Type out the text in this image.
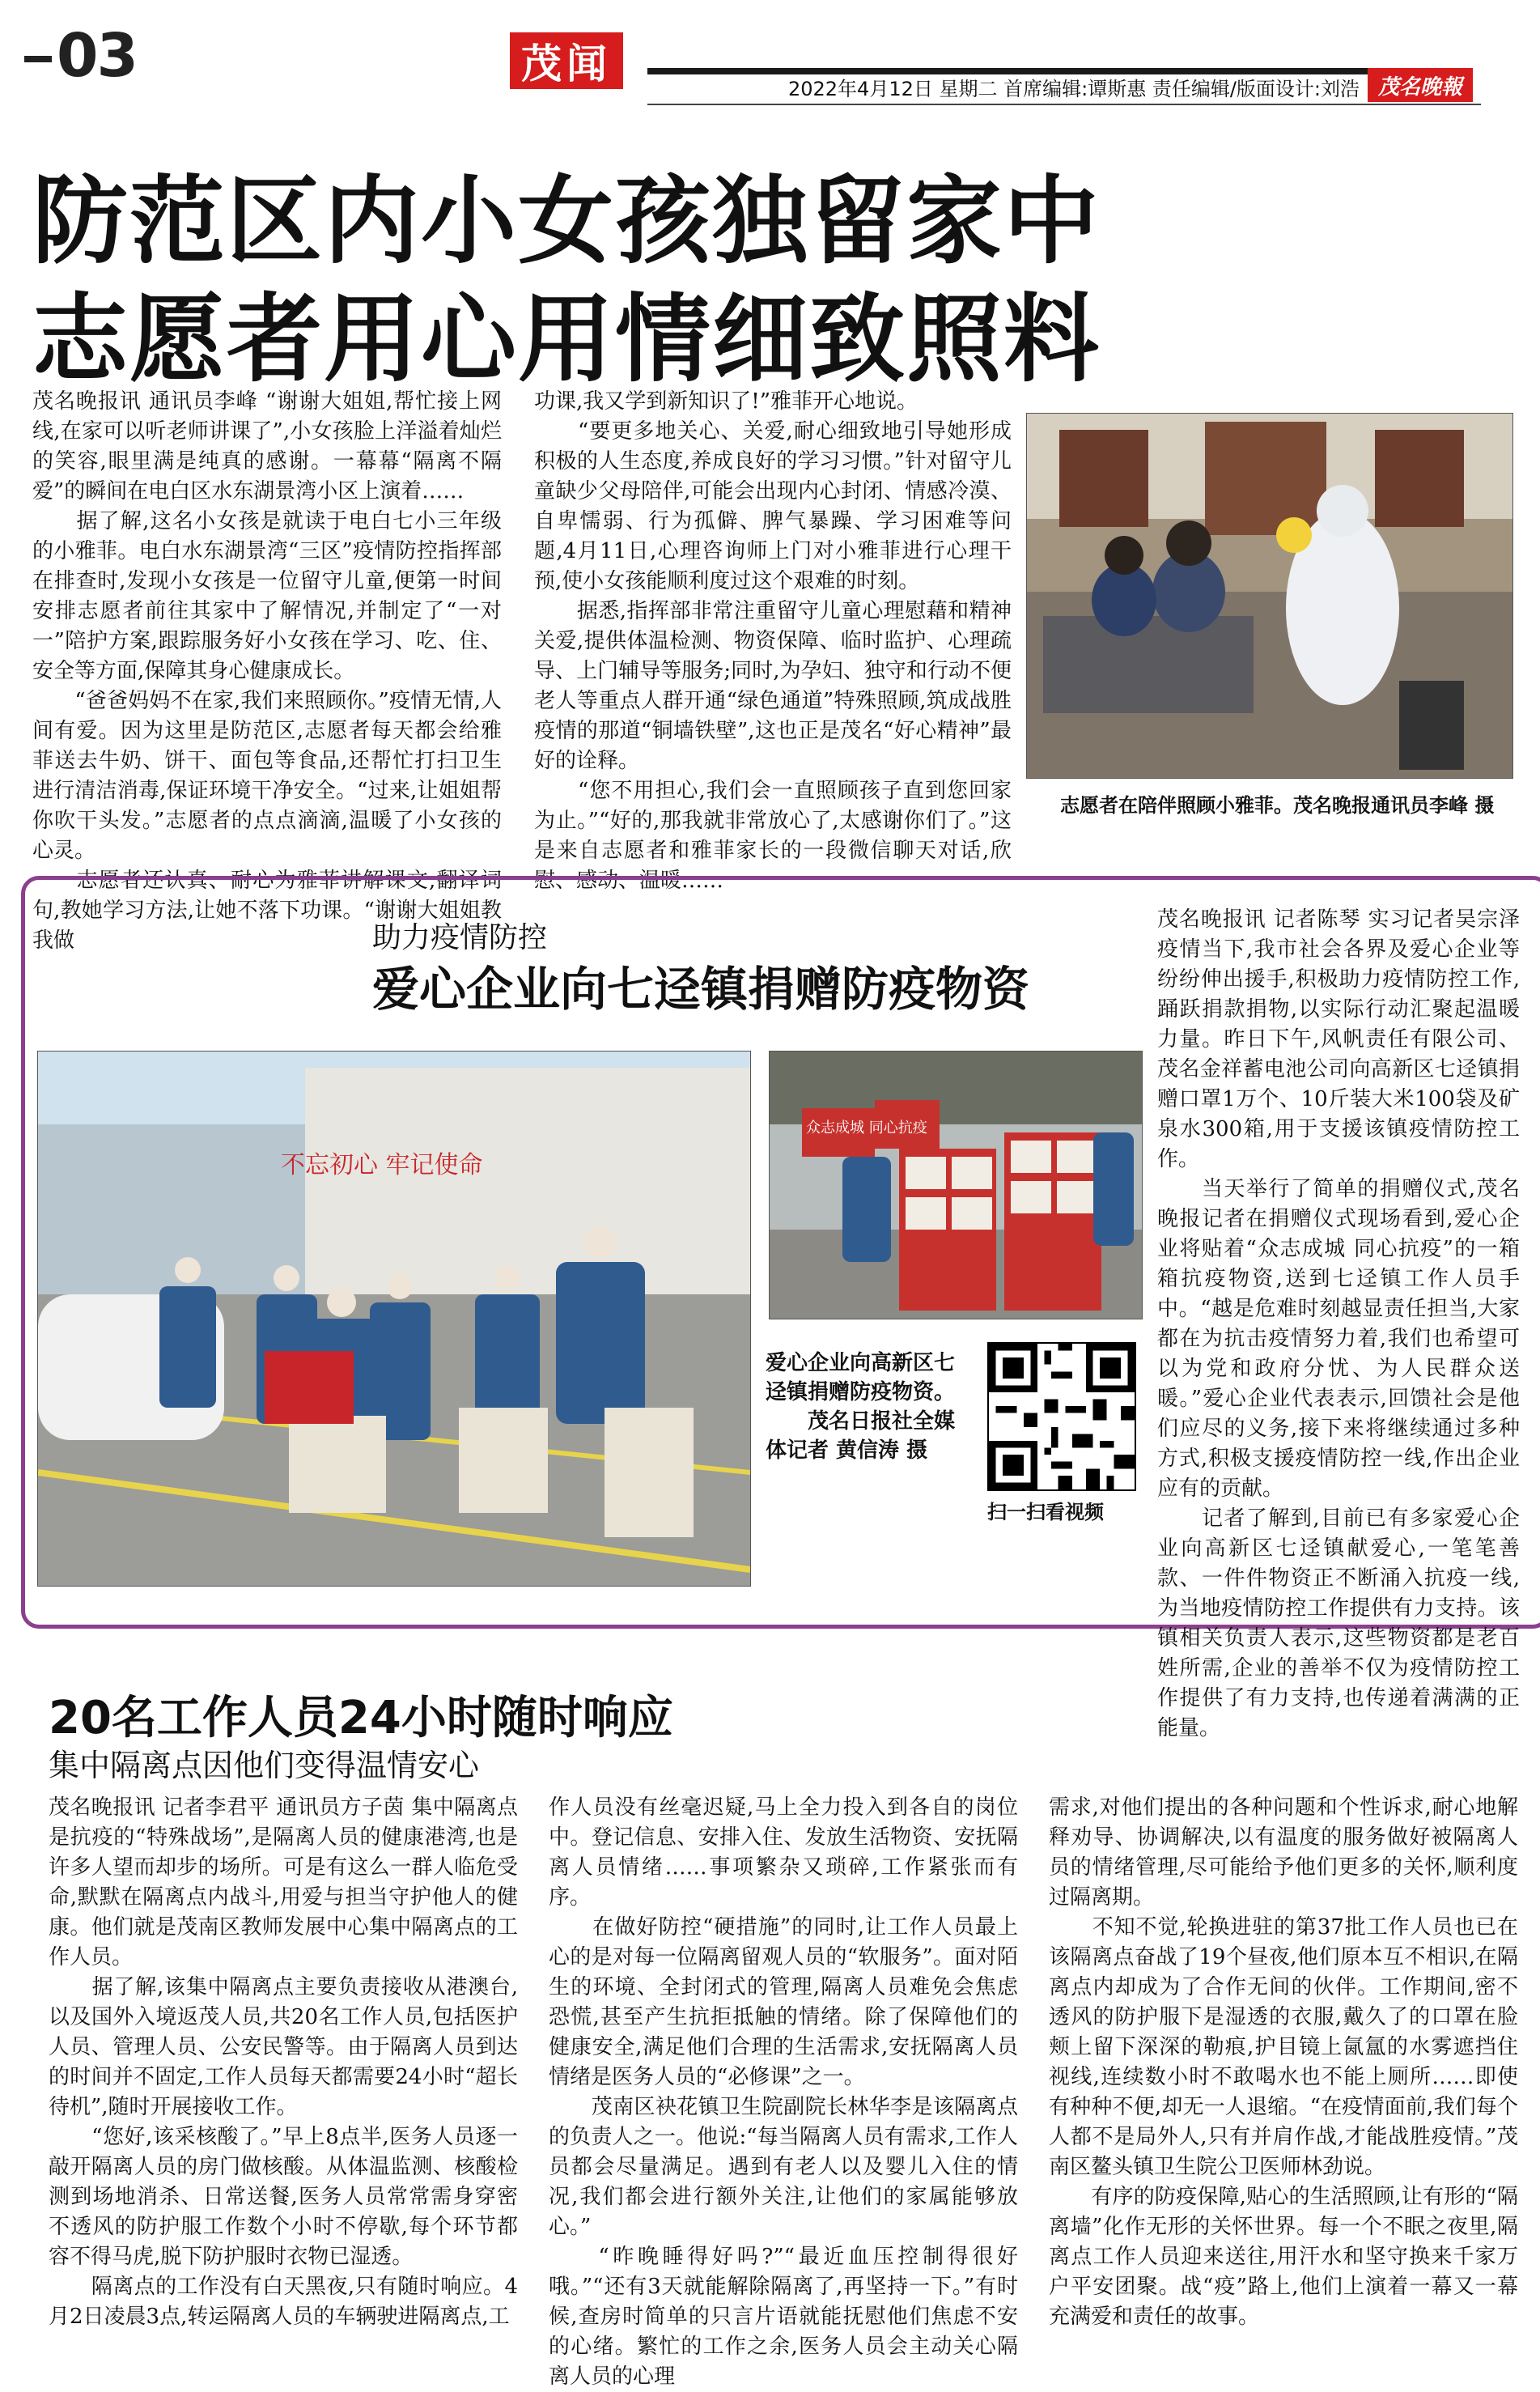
03	茂闻
2022年4月12日 星期二 首席编辑:谭斯惠 责任编辑/版面设计:刘浩 茂名晚報
防范区内小女孩独留家中
志愿者用心用情细致照料
茂名晚报讯 通讯员李峰 “谢谢大姐姐,帮忙接上网线,在家可以听老师讲课了”,小女孩脸上洋溢着灿烂的笑容,眼里满是纯真的感谢。一幕幕“隔离不隔爱”的瞬间在电白区水东湖景湾小区上演着……
　　据了解,这名小女孩是就读于电白七小三年级的小雅菲。电白水东湖景湾“三区”疫情防控指挥部在排查时,发现小女孩是一位留守儿童,便第一时间安排志愿者前往其家中了解情况,并制定了“一对一”陪护方案,跟踪服务好小女孩在学习、吃、住、安全等方面,保障其身心健康成长。
　　“爸爸妈妈不在家,我们来照顾你。”疫情无情,人间有爱。因为这里是防范区,志愿者每天都会给雅菲送去牛奶、饼干、面包等食品,还帮忙打扫卫生进行清洁消毒,保证环境干净安全。“过来,让姐姐帮你吹干头发。”志愿者的点点滴滴,温暖了小女孩的心灵。
　　志愿者还认真、耐心为雅菲讲解课文,翻译词句,教她学习方法,让她不落下功课。“谢谢大姐姐教我做
功课,我又学到新知识了!”雅菲开心地说。
　　“要更多地关心、关爱,耐心细致地引导她形成积极的人生态度,养成良好的学习习惯。”针对留守儿童缺少父母陪伴,可能会出现内心封闭、情感冷漠、自卑懦弱、行为孤僻、脾气暴躁、学习困难等问题,4月11日,心理咨询师上门对小雅菲进行心理干预,使小女孩能顺利度过这个艰难的时刻。
　　据悉,指挥部非常注重留守儿童心理慰藉和精神关爱,提供体温检测、物资保障、临时监护、心理疏导、上门辅导等服务;同时,为孕妇、独守和行动不便老人等重点人群开通“绿色通道”特殊照顾,筑成战胜疫情的那道“铜墙铁壁”,这也正是茂名“好心精神”最好的诠释。
　　“您不用担心,我们会一直照顾孩子直到您回家为止。”“好的,那我就非常放心了,太感谢你们了。”这是来自志愿者和雅菲家长的一段微信聊天对话,欣慰、感动、温暖……
志愿者在陪伴照顾小雅菲。茂名晚报通讯员李峰 摄
助力疫情防控
爱心企业向七迳镇捐赠防疫物资
不忘初心 牢记使命
众志成城 同心抗疫
爱心企业向高新区七迳镇捐赠防疫物资。
　　茂名日报社全媒体记者 黄信涛 摄
扫一扫看视频
茂名晚报讯 记者陈琴 实习记者吴宗泽 疫情当下,我市社会各界及爱心企业等纷纷伸出援手,积极助力疫情防控工作,踊跃捐款捐物,以实际行动汇聚起温暖力量。昨日下午,风帆责任有限公司、茂名金祥蓄电池公司向高新区七迳镇捐赠口罩1万个、10斤装大米100袋及矿泉水300箱,用于支援该镇疫情防控工作。
　　当天举行了简单的捐赠仪式,茂名晚报记者在捐赠仪式现场看到,爱心企业将贴着“众志成城 同心抗疫”的一箱箱抗疫物资,送到七迳镇工作人员手中。“越是危难时刻越显责任担当,大家都在为抗击疫情努力着,我们也希望可以为党和政府分忧、为人民群众送暖。”爱心企业代表表示,回馈社会是他们应尽的义务,接下来将继续通过多种方式,积极支援疫情防控一线,作出企业应有的贡献。
　　记者了解到,目前已有多家爱心企业向高新区七迳镇献爱心,一笔笔善款、一件件物资正不断涌入抗疫一线,为当地疫情防控工作提供有力支持。该镇相关负责人表示,这些物资都是老百姓所需,企业的善举不仅为疫情防控工作提供了有力支持,也传递着满满的正能量。
20名工作人员24小时随时响应
集中隔离点因他们变得温情安心
茂名晚报讯 记者李君平 通讯员方子茵 集中隔离点是抗疫的“特殊战场”,是隔离人员的健康港湾,也是许多人望而却步的场所。可是有这么一群人临危受命,默默在隔离点内战斗,用爱与担当守护他人的健康。他们就是茂南区教师发展中心集中隔离点的工作人员。
　　据了解,该集中隔离点主要负责接收从港澳台,以及国外入境返茂人员,共20名工作人员,包括医护人员、管理人员、公安民警等。由于隔离人员到达的时间并不固定,工作人员每天都需要24小时“超长待机”,随时开展接收工作。
　　“您好,该采核酸了。”早上8点半,医务人员逐一敲开隔离人员的房门做核酸。从体温监测、核酸检测到场地消杀、日常送餐,医务人员常常需身穿密不透风的防护服工作数个小时不停歇,每个环节都容不得马虎,脱下防护服时衣物已湿透。
　　隔离点的工作没有白天黑夜,只有随时响应。4月2日凌晨3点,转运隔离人员的车辆驶进隔离点,工
作人员没有丝毫迟疑,马上全力投入到各自的岗位中。登记信息、安排入住、发放生活物资、安抚隔离人员情绪……事项繁杂又琐碎,工作紧张而有序。
　　在做好防控“硬措施”的同时,让工作人员最上心的是对每一位隔离留观人员的“软服务”。面对陌生的环境、全封闭式的管理,隔离人员难免会焦虑恐慌,甚至产生抗拒抵触的情绪。除了保障他们的健康安全,满足他们合理的生活需求,安抚隔离人员情绪是医务人员的“必修课”之一。
　　茂南区袂花镇卫生院副院长林华李是该隔离点的负责人之一。他说:“每当隔离人员有需求,工作人员都会尽量满足。遇到有老人以及婴儿入住的情况,我们都会进行额外关注,让他们的家属能够放心。”
　　“昨晚睡得好吗?”“最近血压控制得很好哦。”“还有3天就能解除隔离了,再坚持一下。”有时候,查房时简单的只言片语就能抚慰他们焦虑不安的心绪。繁忙的工作之余,医务人员会主动关心隔离人员的心理
需求,对他们提出的各种问题和个性诉求,耐心地解释劝导、协调解决,以有温度的服务做好被隔离人员的情绪管理,尽可能给予他们更多的关怀,顺利度过隔离期。
　　不知不觉,轮换进驻的第37批工作人员也已在该隔离点奋战了19个昼夜,他们原本互不相识,在隔离点内却成为了合作无间的伙伴。工作期间,密不透风的防护服下是湿透的衣服,戴久了的口罩在脸颊上留下深深的勒痕,护目镜上氤氲的水雾遮挡住视线,连续数小时不敢喝水也不能上厕所……即使有种种不便,却无一人退缩。“在疫情面前,我们每个人都不是局外人,只有并肩作战,才能战胜疫情。”茂南区鳌头镇卫生院公卫医师林劲说。
　　有序的防疫保障,贴心的生活照顾,让有形的“隔离墙”化作无形的关怀世界。每一个不眠之夜里,隔离点工作人员迎来送往,用汗水和坚守换来千家万户平安团聚。战“疫”路上,他们上演着一幕又一幕充满爱和责任的故事。
